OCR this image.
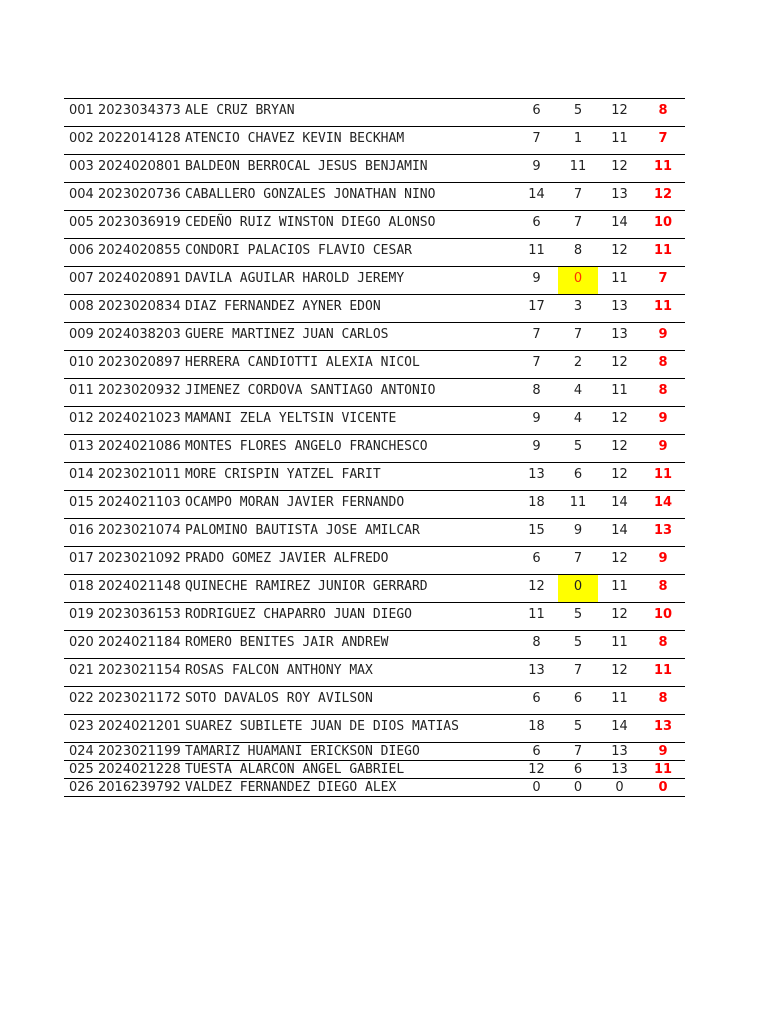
001	2023034373	ALE CRUZ BRYAN	6	5	12	8
002	2022014128	ATENCIO CHAVEZ KEVIN BECKHAM	7	1	11	7
003	2024020801	BALDEON BERROCAL JESUS BENJAMIN	9	11	12	11
004	2023020736	CABALLERO GONZALES JONATHAN NINO	14	7	13	12
005	2023036919	CEDEÑO RUIZ WINSTON DIEGO ALONSO	6	7	14	10
006	2024020855	CONDORI PALACIOS FLAVIO CESAR	11	8	12	11
007	2024020891	DAVILA AGUILAR HAROLD JEREMY	9	0	11	7
008	2023020834	DIAZ FERNANDEZ AYNER EDON	17	3	13	11
009	2024038203	GUERE MARTINEZ JUAN CARLOS	7	7	13	9
010	2023020897	HERRERA CANDIOTTI ALEXIA NICOL	7	2	12	8
011	2023020932	JIMENEZ CORDOVA SANTIAGO ANTONIO	8	4	11	8
012	2024021023	MAMANI ZELA YELTSIN VICENTE	9	4	12	9
013	2024021086	MONTES FLORES ANGELO FRANCHESCO	9	5	12	9
014	2023021011	MORE CRISPIN YATZEL FARIT	13	6	12	11
015	2024021103	OCAMPO MORAN JAVIER FERNANDO	18	11	14	14
016	2023021074	PALOMINO BAUTISTA JOSE AMILCAR	15	9	14	13
017	2023021092	PRADO GOMEZ JAVIER ALFREDO	6	7	12	9
018	2024021148	QUINECHE RAMIREZ JUNIOR GERRARD	12	0	11	8
019	2023036153	RODRIGUEZ CHAPARRO JUAN DIEGO	11	5	12	10
020	2024021184	ROMERO BENITES JAIR ANDREW	8	5	11	8
021	2023021154	ROSAS FALCON ANTHONY MAX	13	7	12	11
022	2023021172	SOTO DAVALOS ROY AVILSON	6	6	11	8
023	2024021201	SUAREZ SUBILETE JUAN DE DIOS MATIAS	18	5	14	13
024	2023021199	TAMARIZ HUAMANI ERICKSON DIEGO	6	7	13	9
025	2024021228	TUESTA ALARCON ANGEL GABRIEL	12	6	13	11
026	2016239792	VALDEZ FERNANDEZ DIEGO ALEX	0	0	0	0
